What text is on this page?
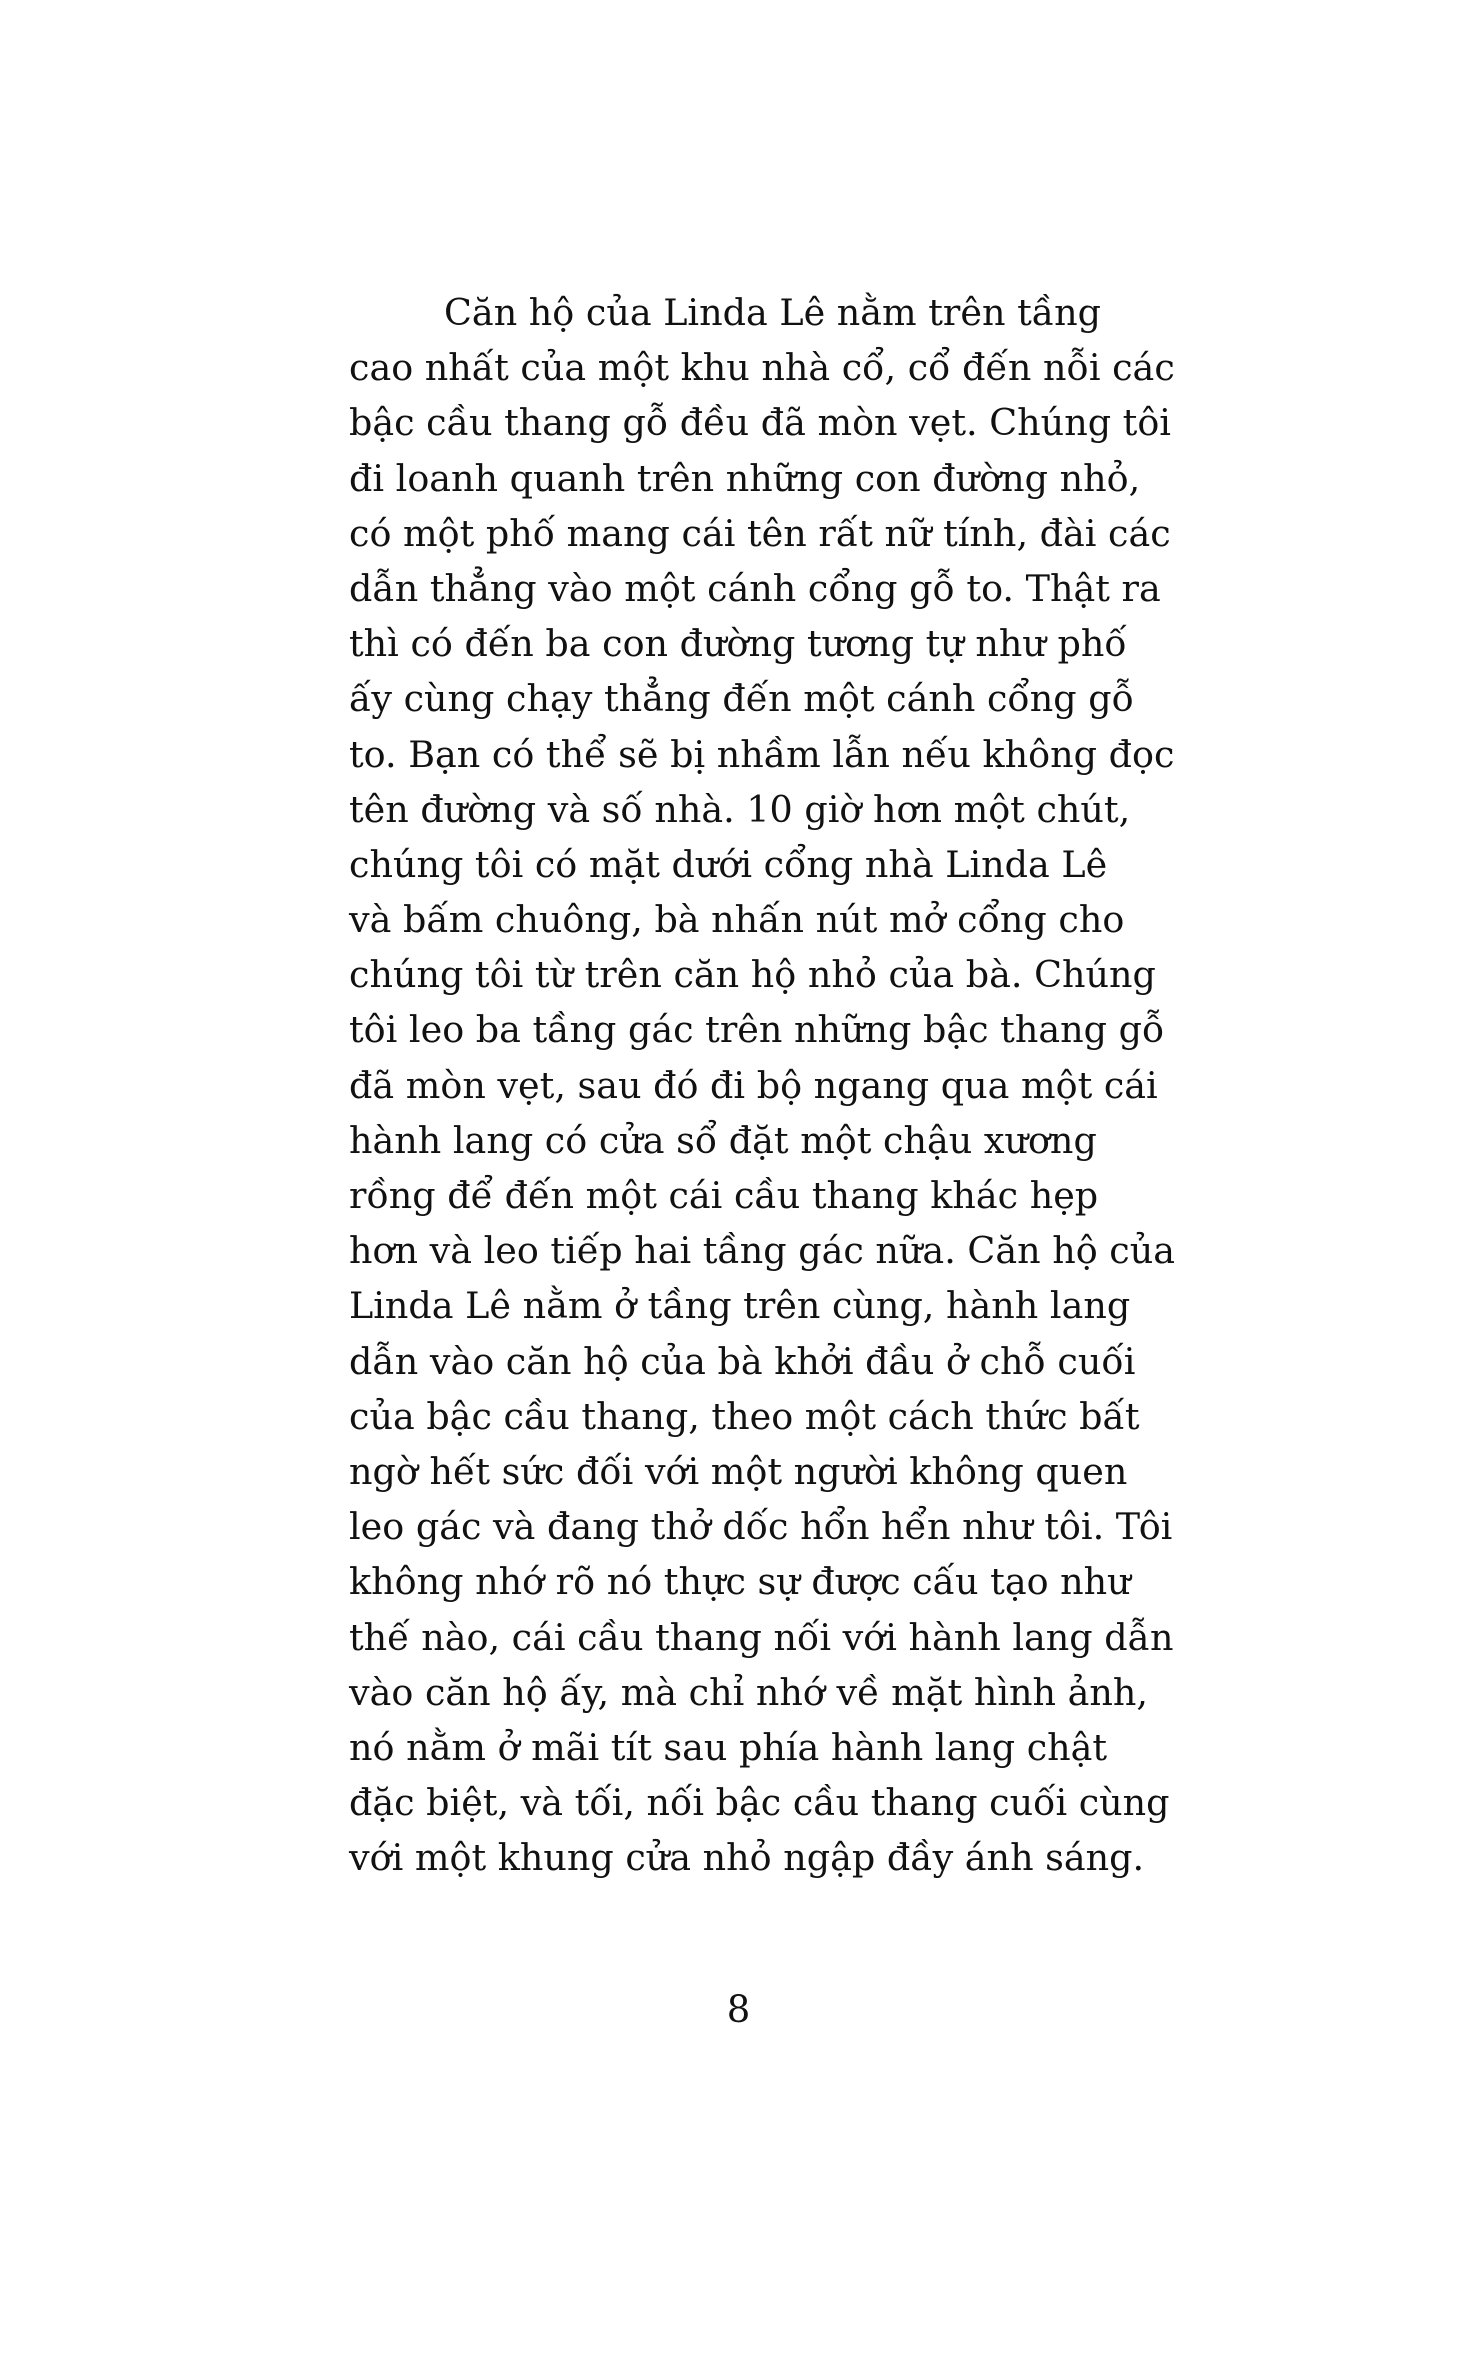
Căn hộ của Linda Lê nằm trên tầng
cao nhất của một khu nhà cổ, cổ đến nỗi các
bậc cầu thang gỗ đều đã mòn vẹt. Chúng tôi
đi loanh quanh trên những con đường nhỏ,
có một phố mang cái tên rất nữ tính, đài các
dẫn thẳng vào một cánh cổng gỗ to. Thật ra
thì có đến ba con đường tương tự như phố
ấy cùng chạy thẳng đến một cánh cổng gỗ
to. Bạn có thể sẽ bị nhầm lẫn nếu không đọc
tên đường và số nhà. 10 giờ hơn một chút,
chúng tôi có mặt dưới cổng nhà Linda Lê
và bấm chuông, bà nhấn nút mở cổng cho
chúng tôi từ trên căn hộ nhỏ của bà. Chúng
tôi leo ba tầng gác trên những bậc thang gỗ
đã mòn vẹt, sau đó đi bộ ngang qua một cái
hành lang có cửa sổ đặt một chậu xương
rồng để đến một cái cầu thang khác hẹp
hơn và leo tiếp hai tầng gác nữa. Căn hộ của
Linda Lê nằm ở tầng trên cùng, hành lang
dẫn vào căn hộ của bà khởi đầu ở chỗ cuối
của bậc cầu thang, theo một cách thức bất
ngờ hết sức đối với một người không quen
leo gác và đang thở dốc hổn hển như tôi. Tôi
không nhớ rõ nó thực sự được cấu tạo như
thế nào, cái cầu thang nối với hành lang dẫn
vào căn hộ ấy, mà chỉ nhớ về mặt hình ảnh,
nó nằm ở mãi tít sau phía hành lang chật
đặc biệt, và tối, nối bậc cầu thang cuối cùng
với một khung cửa nhỏ ngập đầy ánh sáng.
8
